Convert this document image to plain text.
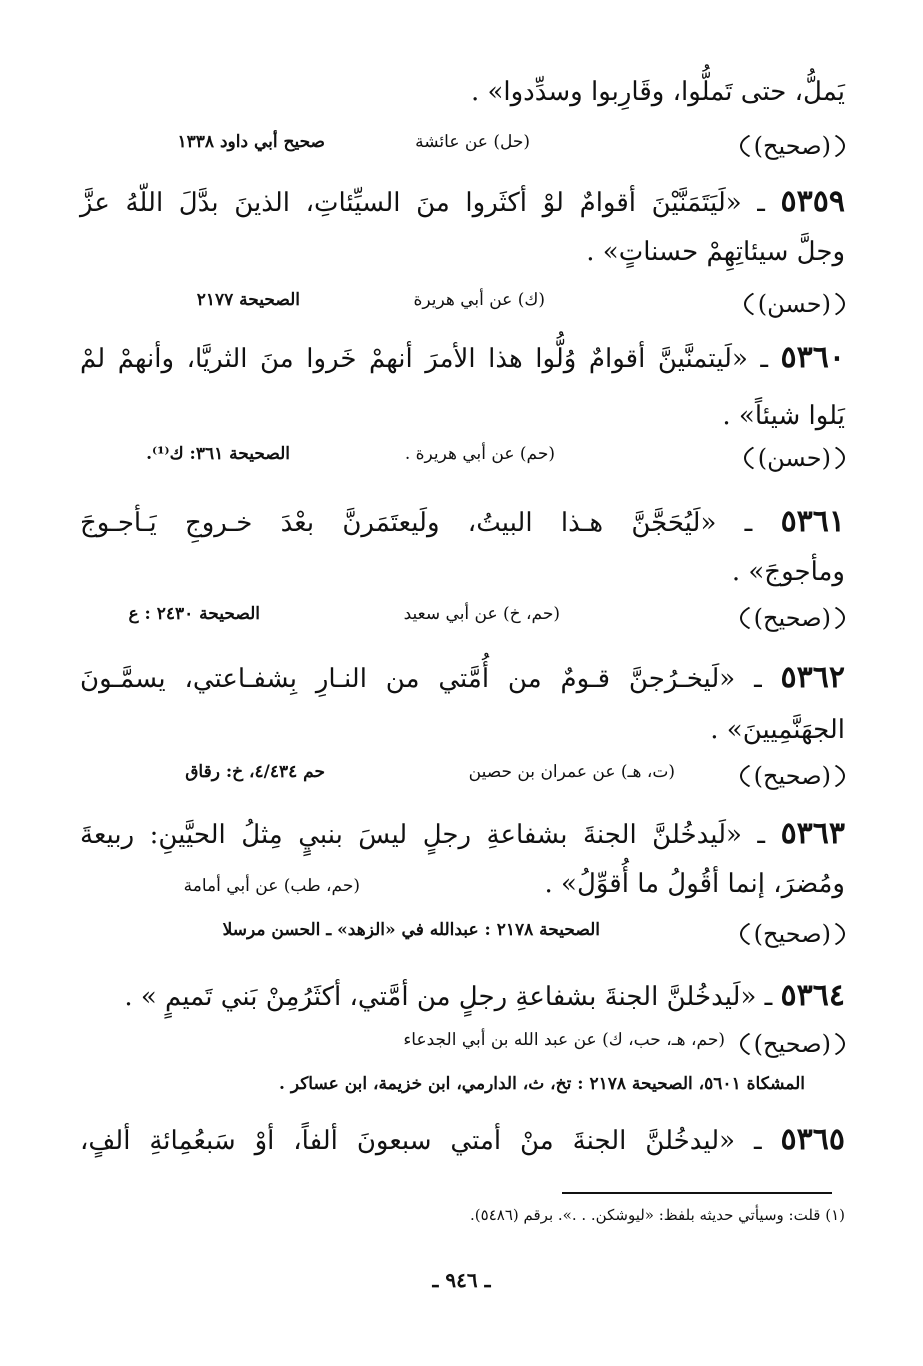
يَملُّ، حتى تَملُّوا، وقَارِبوا وسدِّدوا» .
(صحيح)
(حل) عن عائشة
صحيح أبي داود ١٣٣٨
٥٣٥٩ ـ «لَيَتَمَنَّيْنَ أقوامٌ لوْ أكثَروا منَ السيِّئاتِ، الذينَ بدَّلَ اللّهُ عزَّ
وجلَّ سيئاتِهِمْ حسناتٍ» .
(حسن)
(ك) عن أبي هريرة
الصحيحة ٢١٧٧
٥٣٦٠ ـ «لَيتمنَّينَّ أقوامٌ وُلُّوا هذا الأمرَ أنهمْ خَروا منَ الثريَّا، وأنهمْ لمْ
يَلوا شيئاً» .
(حسن)
(حم) عن أبي هريرة .
الصحيحة ٣٦١: ك⁽¹⁾.
٥٣٦١ ـ «لَيُحَجَّنَّ هـذا البيتُ، ولَيعتَمَرنَّ بعْدَ خـروجِ يَـأجـوجَ
ومأجوجَ» .
(صحيح)
(حم، خ) عن أبي سعيد
الصحيحة ٢٤٣٠ : ع
٥٣٦٢ ـ «لَيخـرُجنَّ قـومٌ من أُمَّتي من النـارِ بِشفـاعتي، يسمَّـونَ
الجهَنَّمِيينَ» .
(صحيح)
(ت، هـ) عن عمران بن حصين
حم ٤/٤٣٤، خ: رقاق
٥٣٦٣ ـ «لَيدخُلنَّ الجنةَ بشفاعةِ رجلٍ ليسَ بنبيٍ مِثلُ الحيَّينِ: ربيعةَ
ومُضرَ، إنما أقُولُ ما أُقوِّلُ» .
(حم، طب) عن أبي أمامة
(صحيح)
الصحيحة ٢١٧٨ : عبدالله في «الزهد» ـ الحسن مرسلا
٥٣٦٤ ـ «لَيدخُلنَّ الجنةَ بشفاعةِ رجلٍ من أمَّتي، أكثَرُمِنْ بَني تَميمٍ » .
(صحيح)
(حم، هـ، حب، ك) عن عبد الله بن أبي الجدعاء
المشكاة ٥٦٠١، الصحيحة ٢١٧٨ : تخ، ث، الدارمي، ابن خزيمة، ابن عساكر .
٥٣٦٥ ـ «ليدخُلنَّ الجنةَ منْ أمتي سبعونَ ألفاً، أوْ سَبعُمِائةِ ألفٍ،
(١) قلت: وسيأتي حديثه بلفظ: «ليوشكن. . .». برقم (٥٤٨٦).
ـ ٩٤٦ ـ
